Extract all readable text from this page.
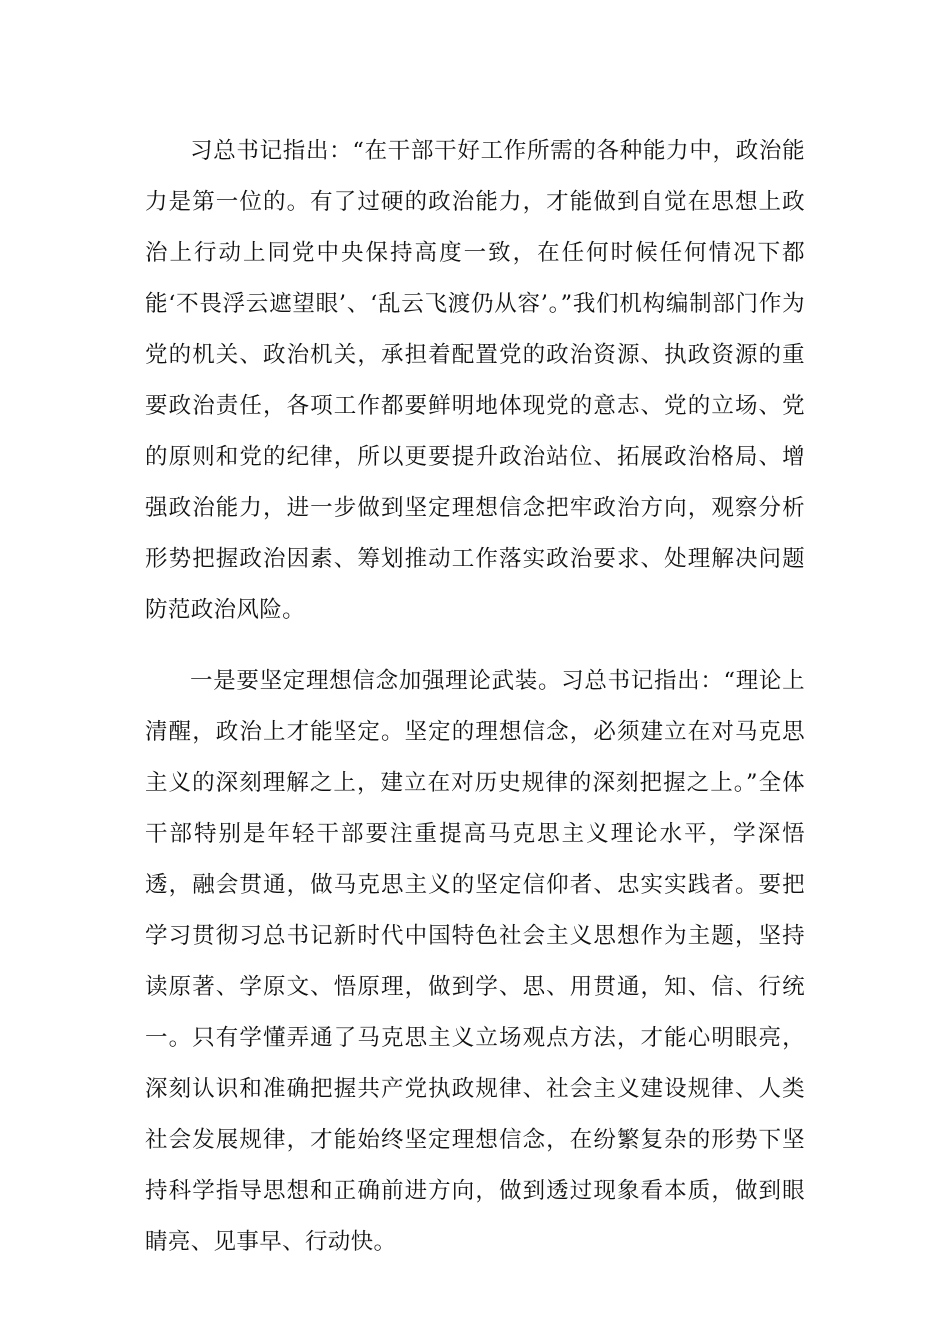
习总书记指出：“在干部干好工作所需的各种能力中，政治能力是第一位的。有了过硬的政治能力，才能做到自觉在思想上政治上行动上同党中央保持高度一致，在任何时候任何情况下都能‘不畏浮云遮望眼’、‘乱云飞渡仍从容’。”我们机构编制部门作为党的机关、政治机关，承担着配置党的政治资源、执政资源的重要政治责任，各项工作都要鲜明地体现党的意志、党的立场、党的原则和党的纪律，所以更要提升政治站位、拓展政治格局、增强政治能力，进一步做到坚定理想信念把牢政治方向，观察分析形势把握政治因素、筹划推动工作落实政治要求、处理解决问题防范政治风险。

一是要坚定理想信念加强理论武装。习总书记指出：“理论上清醒，政治上才能坚定。坚定的理想信念，必须建立在对马克思主义的深刻理解之上，建立在对历史规律的深刻把握之上。”全体干部特别是年轻干部要注重提高马克思主义理论水平，学深悟透，融会贯通，做马克思主义的坚定信仰者、忠实实践者。要把学习贯彻习总书记新时代中国特色社会主义思想作为主题，坚持读原著、学原文、悟原理，做到学、思、用贯通，知、信、行统一。只有学懂弄通了马克思主义立场观点方法，才能心明眼亮，深刻认识和准确把握共产党执政规律、社会主义建设规律、人类社会发展规律，才能始终坚定理想信念，在纷繁复杂的形势下坚持科学指导思想和正确前进方向，做到透过现象看本质，做到眼睛亮、见事早、行动快。
